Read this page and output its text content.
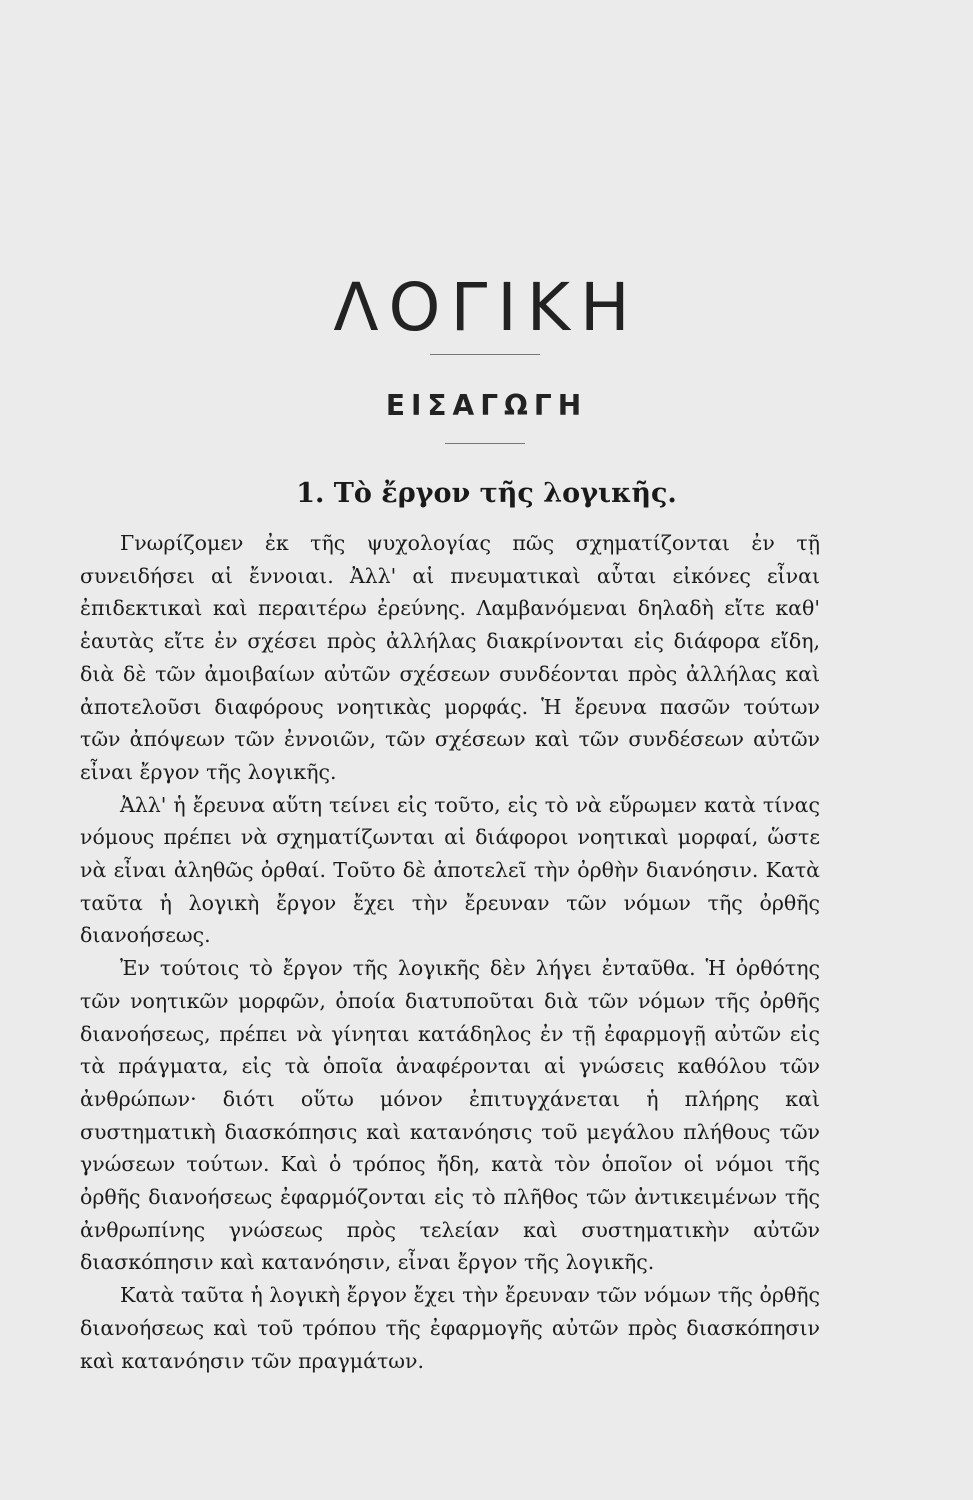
ΛΟΓΙΚΗ
ΕΙΣΑΓΩΓΗ
1. Τὸ ἔργον τῆς λογικῆς.

Γνωρίζομεν ἐκ τῆς ψυχολογίας πῶς σχηματίζονται ἐν τῇ συνειδήσει αἱ ἔννοιαι. Ἀλλ' αἱ πνευματικαὶ αὗται εἰκόνες εἶναι ἐπιδεκτικαὶ καὶ περαιτέρω ἐρεύνης. Λαμβανόμεναι δηλαδὴ εἴτε καθ' ἑαυτὰς εἴτε ἐν σχέσει πρὸς ἀλλήλας διακρίνονται εἰς διάφορα εἴδη, διὰ δὲ τῶν ἀμοιβαίων αὐτῶν σχέσεων συνδέονται πρὸς ἀλλήλας καὶ ἀποτελοῦσι διαφόρους νοητικὰς μορφάς. Ἡ ἔρευνα πασῶν τούτων τῶν ἀπόψεων τῶν ἐννοιῶν, τῶν σχέσεων καὶ τῶν συνδέσεων αὐτῶν εἶναι ἔργον τῆς λογικῆς.

Ἀλλ' ἡ ἔρευνα αὕτη τείνει εἰς τοῦτο, εἰς τὸ νὰ εὕρωμεν κατὰ τίνας νόμους πρέπει νὰ σχηματίζωνται αἱ διάφοροι νοητικαὶ μορφαί, ὥστε νὰ εἶναι ἀληθῶς ὀρθαί. Τοῦτο δὲ ἀποτελεῖ τὴν ὀρθὴν διανόησιν. Κατὰ ταῦτα ἡ λογικὴ ἔργον ἔχει τὴν ἔρευναν τῶν νόμων τῆς ὀρθῆς διανοήσεως.

Ἐν τούτοις τὸ ἔργον τῆς λογικῆς δὲν λήγει ἐνταῦθα. Ἡ ὀρθότης τῶν νοητικῶν μορφῶν, ὁποία διατυποῦται διὰ τῶν νόμων τῆς ὀρθῆς διανοήσεως, πρέπει νὰ γίνηται κατάδηλος ἐν τῇ ἐφαρμογῇ αὐτῶν εἰς τὰ πράγματα, εἰς τὰ ὁποῖα ἀναφέρονται αἱ γνώσεις καθόλου τῶν ἀνθρώπων· διότι οὕτω μόνον ἐπιτυγχάνεται ἡ πλήρης καὶ συστηματικὴ διασκόπησις καὶ κατανόησις τοῦ μεγάλου πλήθους τῶν γνώσεων τούτων. Καὶ ὁ τρόπος ἤδη, κατὰ τὸν ὁποῖον οἱ νόμοι τῆς ὀρθῆς διανοήσεως ἐφαρμόζονται εἰς τὸ πλῆθος τῶν ἀντικειμένων τῆς ἀνθρωπίνης γνώσεως πρὸς τελείαν καὶ συστηματικὴν αὐτῶν διασκόπησιν καὶ κατανόησιν, εἶναι ἔργον τῆς λογικῆς.

Κατὰ ταῦτα ἡ λογικὴ ἔργον ἔχει τὴν ἔρευναν τῶν νόμων τῆς ὀρθῆς διανοήσεως καὶ τοῦ τρόπου τῆς ἐφαρμογῆς αὐτῶν πρὸς διασκόπησιν καὶ κατανόησιν τῶν πραγμάτων.
